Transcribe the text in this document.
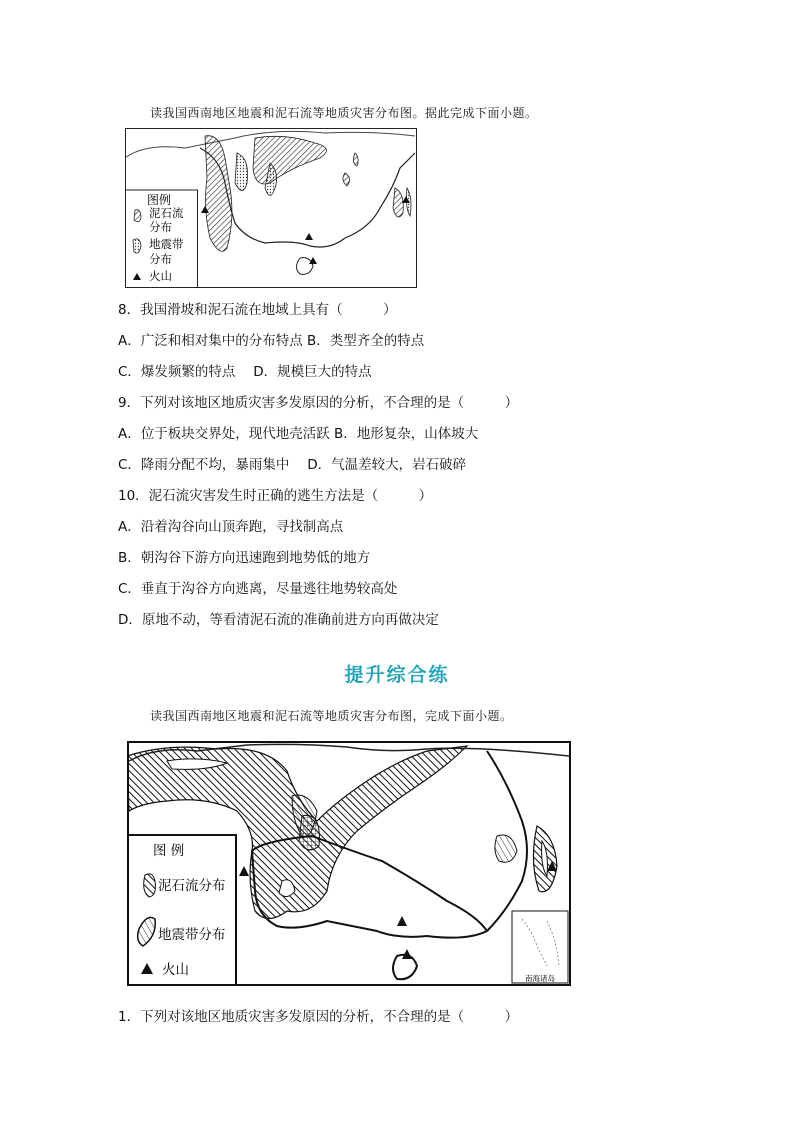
读我国西南地区地震和泥石流等地质灾害分布图。据此完成下面小题。
图例
泥石流
分布
地震带
分布
火山
8．我国滑坡和泥石流在地域上具有（　　　）
A．广泛和相对集中的分布特点 B．类型齐全的特点
C．爆发频繁的特点　 D．规模巨大的特点
9．下列对该地区地质灾害多发原因的分析，不合理的是（　　　）
A．位于板块交界处，现代地壳活跃 B．地形复杂，山体坡大
C．降雨分配不均，暴雨集中　 D．气温差较大，岩石破碎
10．泥石流灾害发生时正确的逃生方法是（　　　）
A．沿着沟谷向山顶奔跑，寻找制高点
B．朝沟谷下游方向迅速跑到地势低的地方
C．垂直于沟谷方向逃离，尽量逃往地势较高处
D．原地不动，等看清泥石流的准确前进方向再做决定
提升综合练
读我国西南地区地震和泥石流等地质灾害分布图，完成下面小题。
南海诸岛
图 例
泥石流分布
地震带分布
火山
1．下列对该地区地质灾害多发原因的分析，不合理的是（　　　）
